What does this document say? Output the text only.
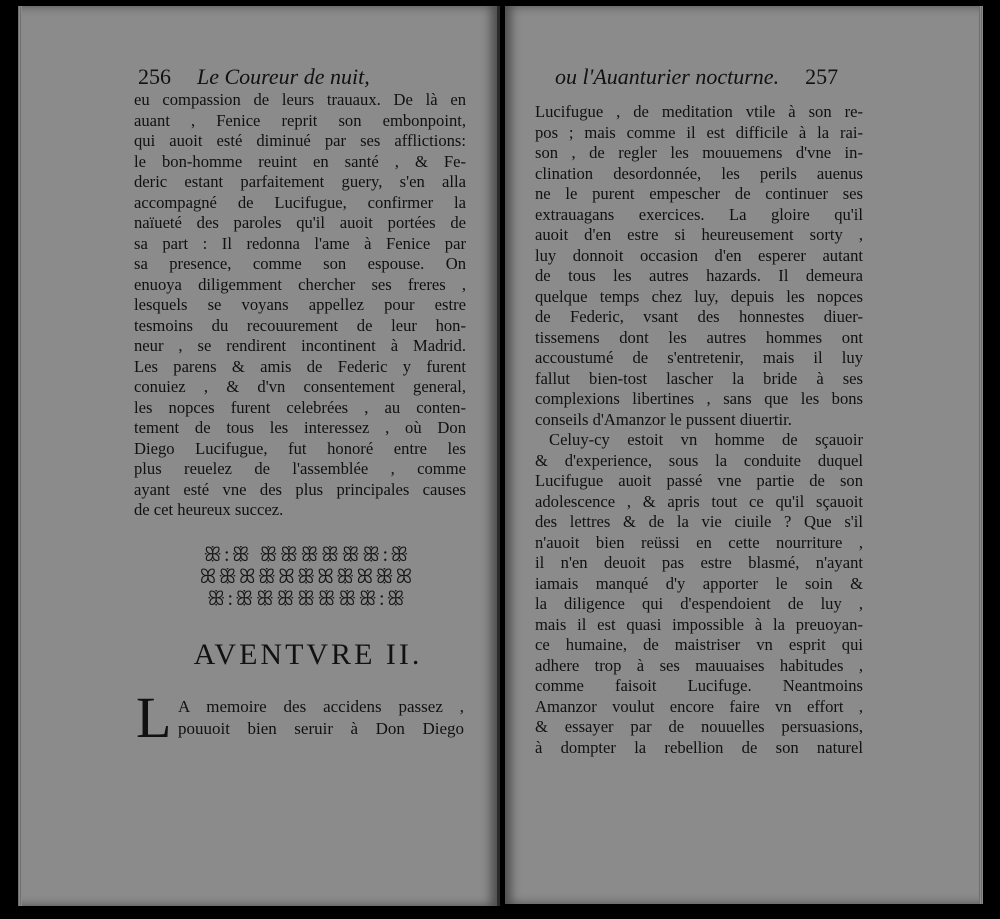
256 Le Coureur de nuit,
eu compassion de leurs trauaux. De là en
auant , Fenice reprit son embonpoint,
qui auoit esté diminué par ses afflictions:
le bon-homme reuint en santé , & Fe-
deric estant parfaitement guery, s'en alla
accompagné de Lucifugue, confirmer la
naïueté des paroles qu'il auoit portées de
sa part : Il redonna l'ame à Fenice par
sa presence, comme son espouse. On
enuoya diligemment chercher ses freres ,
lesquels se voyans appellez pour estre
tesmoins du recouurement de leur hon-
neur , se rendirent incontinent à Madrid.
Les parens & amis de Federic y furent
conuiez , & d'vn consentement general,
les nopces furent celebrées , au conten-
tement de tous les interessez , où Don
Diego Lucifugue, fut honoré entre les
plus reuelez de l'assemblée , comme
ayant esté vne des plus principales causes
de cet heureux succez.
ꕥ:ꕥ ꕥꕥꕥꕥꕥꕥ:ꕥ
ꕤꕥꕤꕥꕤꕥꕤꕥꕤꕥꕤ
ꕥ:ꕥꕥꕥꕥꕥꕥꕥ:ꕥ
AVENTVRE II.
L A memoire des accidens passez ,
pouuoit bien seruir à Don Diego
ou l'Auanturier nocturne. 257
Lucifugue , de meditation vtile à son re-
pos ; mais comme il est difficile à la rai-
son , de regler les mouuemens d'vne in-
clination desordonnée, les perils auenus
ne le purent empescher de continuer ses
extrauagans exercices. La gloire qu'il
auoit d'en estre si heureusement sorty ,
luy donnoit occasion d'en esperer autant
de tous les autres hazards. Il demeura
quelque temps chez luy, depuis les nopces
de Federic, vsant des honnestes diuer-
tissemens dont les autres hommes ont
accoustumé de s'entretenir, mais il luy
fallut bien-tost lascher la bride à ses
complexions libertines , sans que les bons
conseils d'Amanzor le pussent diuertir.
Celuy-cy estoit vn homme de sçauoir
& d'experience, sous la conduite duquel
Lucifugue auoit passé vne partie de son
adolescence , & apris tout ce qu'il sçauoit
des lettres & de la vie ciuile ? Que s'il
n'auoit bien reüssi en cette nourriture ,
il n'en deuoit pas estre blasmé, n'ayant
iamais manqué d'y apporter le soin &
la diligence qui d'espendoient de luy ,
mais il est quasi impossible à la preuoyan-
ce humaine, de maistriser vn esprit qui
adhere trop à ses mauuaises habitudes ,
comme faisoit Lucifuge. Neantmoins
Amanzor voulut encore faire vn effort ,
& essayer par de nouuelles persuasions,
à dompter la rebellion de son naturel
